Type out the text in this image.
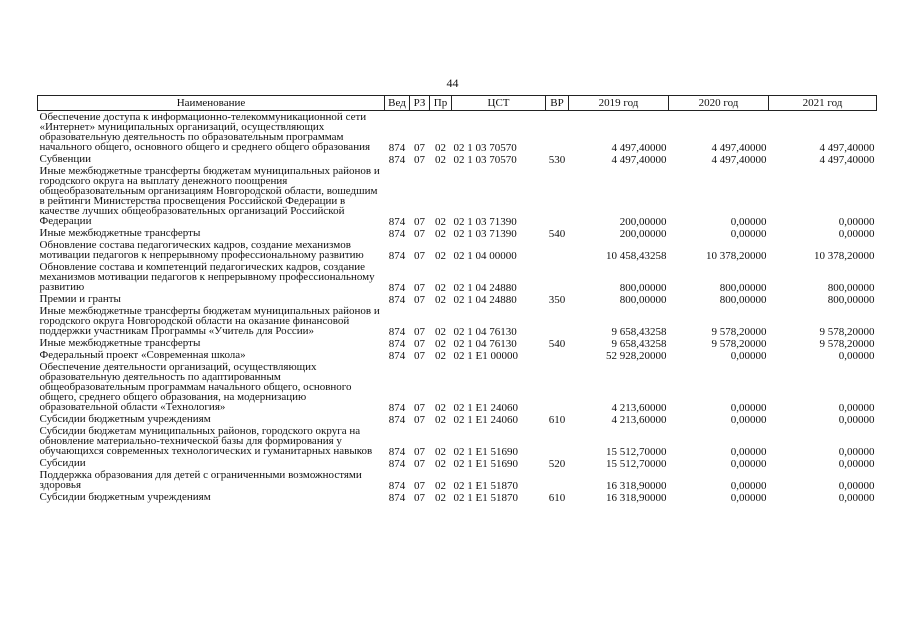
44
Наименование	Вед	РЗ	Пр	ЦСТ	ВР	2019 год	2020 год	2021 год
Обеспечение доступа к информационно-телекоммуникационной сети «Интернет» муниципальных организаций, осуществляющих образовательную деятельность по образовательным программам начального общего, основного общего и среднего общего образования	874	07	02	02 1 03 70570		4 497,40000	4 497,40000	4 497,40000
Субвенции	874	07	02	02 1 03 70570	530	4 497,40000	4 497,40000	4 497,40000
Иные межбюджетные трансферты бюджетам муниципальных районов и городского округа на выплату денежного поощрения общеобразовательным организациям Новгородской области, вошедшим в рейтинги Министерства просвещения Российской Федерации в качестве лучших общеобразовательных организаций Российской Федерации	874	07	02	02 1 03 71390		200,00000	0,00000	0,00000
Иные межбюджетные трансферты	874	07	02	02 1 03 71390	540	200,00000	0,00000	0,00000
Обновление состава педагогических кадров, создание механизмов мотивации педагогов к непрерывному профессиональному развитию	874	07	02	02 1 04 00000		10 458,43258	10 378,20000	10 378,20000
Обновление состава и компетенций педагогических кадров, создание механизмов мотивации педагогов к непрерывному профессиональному развитию	874	07	02	02 1 04 24880		800,00000	800,00000	800,00000
Премии и гранты	874	07	02	02 1 04 24880	350	800,00000	800,00000	800,00000
Иные межбюджетные трансферты бюджетам муниципальных районов и городского округа Новгородской области на оказание финансовой поддержки участникам Программы «Учитель для России»	874	07	02	02 1 04 76130		9 658,43258	9 578,20000	9 578,20000
Иные межбюджетные трансферты	874	07	02	02 1 04 76130	540	9 658,43258	9 578,20000	9 578,20000
Федеральный проект «Современная школа»	874	07	02	02 1 E1 00000		52 928,20000	0,00000	0,00000
Обеспечение деятельности организаций, осуществляющих образовательную деятельность по адаптированным общеобразовательным программам начального общего, основного общего, среднего общего образования, на модернизацию образовательной области «Технология»	874	07	02	02 1 E1 24060		4 213,60000	0,00000	0,00000
Субсидии бюджетным учреждениям	874	07	02	02 1 E1 24060	610	4 213,60000	0,00000	0,00000
Субсидии бюджетам муниципальных районов, городского округа на обновление материально-технической базы для формирования у обучающихся современных технологических и гуманитарных навыков	874	07	02	02 1 E1 51690		15 512,70000	0,00000	0,00000
Субсидии	874	07	02	02 1 E1 51690	520	15 512,70000	0,00000	0,00000
Поддержка образования для детей с ограниченными возможностями здоровья	874	07	02	02 1 E1 51870		16 318,90000	0,00000	0,00000
Субсидии бюджетным учреждениям	874	07	02	02 1 E1 51870	610	16 318,90000	0,00000	0,00000
